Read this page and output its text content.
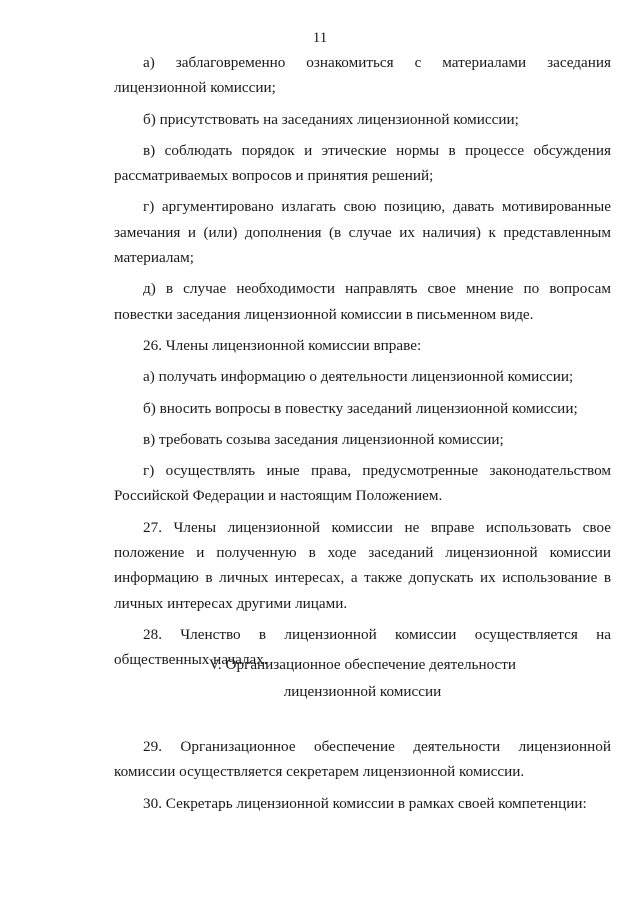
11

а) заблаговременно ознакомиться с материалами заседания лицензионной комиссии;

б) присутствовать на заседаниях лицензионной комиссии;

в) соблюдать порядок и этические нормы в процессе обсуждения рассматриваемых вопросов и принятия решений;

г) аргументировано излагать свою позицию, давать мотивированные замечания и (или) дополнения (в случае их наличия) к представленным материалам;

д) в случае необходимости направлять свое мнение по вопросам повестки заседания лицензионной комиссии в письменном виде.

26. Члены лицензионной комиссии вправе:

а) получать информацию о деятельности лицензионной комиссии;

б) вносить вопросы в повестку заседаний лицензионной комиссии;

в) требовать созыва заседания лицензионной комиссии;

г) осуществлять иные права, предусмотренные законодательством Российской Федерации и настоящим Положением.

27. Члены лицензионной комиссии не вправе использовать свое положение и полученную в ходе заседаний лицензионной комиссии информацию в личных интересах, а также допускать их использование в личных интересах другими лицами.

28. Членство в лицензионной комиссии осуществляется на общественных началах.

V. Организационное обеспечение деятельности
лицензионной комиссии

29. Организационное обеспечение деятельности лицензионной комиссии осуществляется секретарем лицензионной комиссии.

30. Секретарь лицензионной комиссии в рамках своей компетенции:
